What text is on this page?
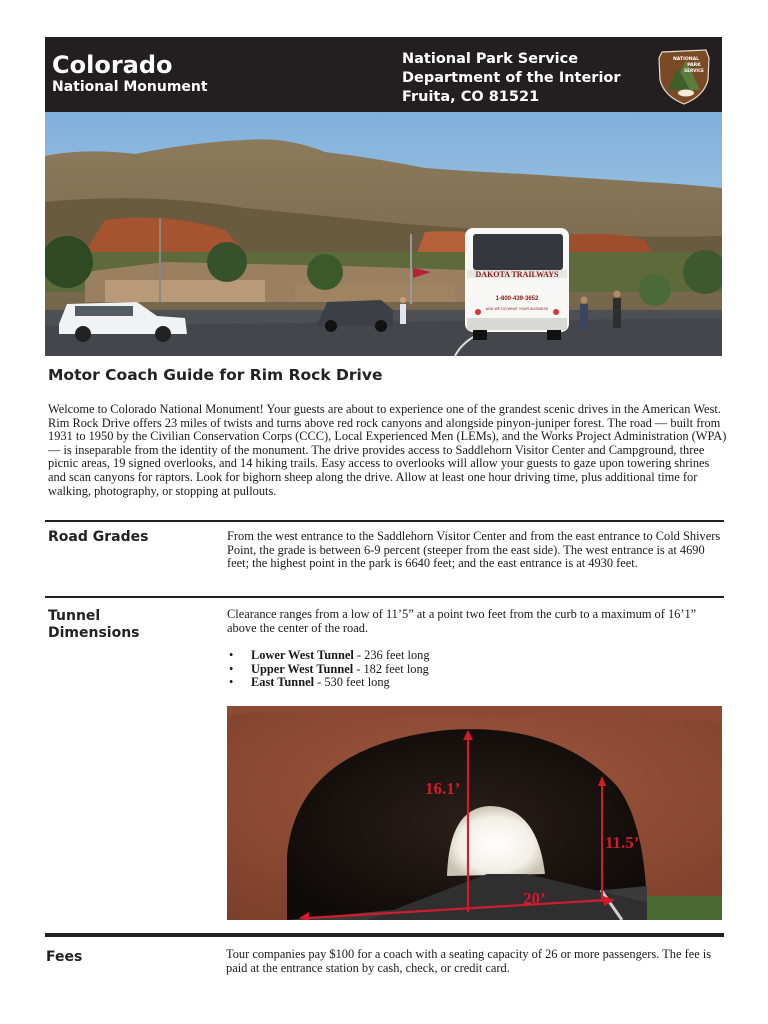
Colorado
National Monument
National Park Service
Department of the Interior
Fruita, CO 81521
NATIONAL
PARK
SERVICE
DAKOTA TRAILWAYS
1-800-439-3652
AND WE DO WHAT YOUR BUSINESS
Motor Coach Guide for Rim Rock Drive
Welcome to Colorado National Monument! Your guests are about to experience one of the grandest scenic drives in the American West. Rim Rock Drive offers 23 miles of twists and turns above red rock canyons and alongside pinyon-juniper forest. The road — built from 1931 to 1950 by the Civilian Conservation Corps (CCC), Local Experienced Men (LEMs), and the Works Project Administration (WPA) — is inseparable from the identity of the monument. The drive provides access to Saddlehorn Visitor Center and Campground, three picnic areas, 19 signed overlooks, and 14 hiking trails. Easy access to overlooks will allow your guests to gaze upon towering shrines and scan canyons for raptors. Look for bighorn sheep along the drive. Allow at least one hour driving time, plus additional time for walking, photography, or stopping at pullouts.
Road Grades	From the west entrance to the Saddlehorn Visitor Center and from the east entrance to Cold Shivers Point, the grade is between 6-9 percent (steeper from the east side). The west entrance is at 4690 feet; the highest point in the park is 6640 feet; and the east entrance is at 4930 feet.
Tunnel
Dimensions
Clearance ranges from a low of 11’5” at a point two feet from the curb to a maximum of 16’1” above the center of the road.
• Lower West Tunnel - 236 feet long
• Upper West Tunnel - 182 feet long
• East Tunnel - 530 feet long
16.1’
11.5’
20’
Fees	Tour companies pay $100 for a coach with a seating capacity of 26 or more passengers. The fee is paid at the entrance station by cash, check, or credit card.
